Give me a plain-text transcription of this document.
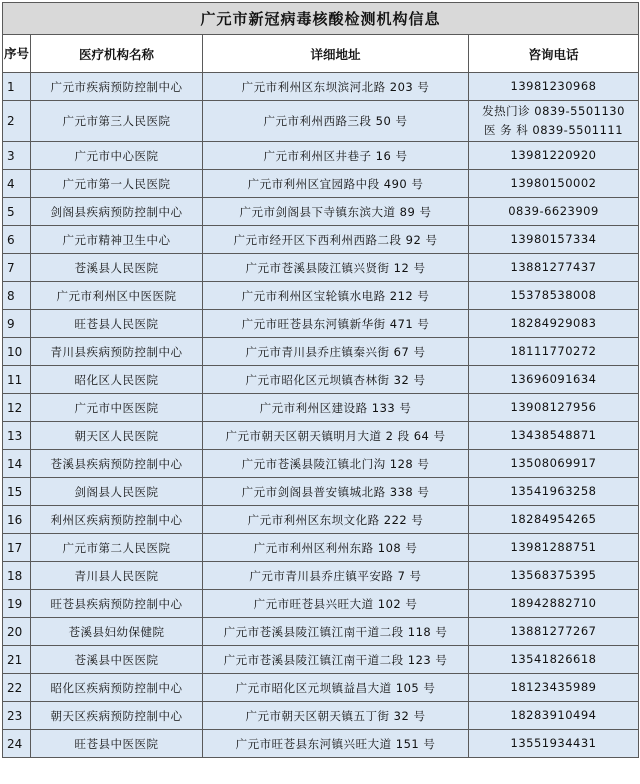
广元市新冠病毒核酸检测机构信息			
序号	医疗机构名称	详细地址	咨询电话
1	广元市疾病预防控制中心	广元市利州区东坝滨河北路 203 号	13981230968

2	广元市第三人民医院	广元市利州西路三段 50 号	发热门诊 0839-5501130
医 务 科 0839-5501111

3	广元市中心医院	广元市利州区井巷子 16 号	13981220920

4	广元市第一人民医院	广元市利州区宜园路中段 490 号	13980150002

5	剑阁县疾病预防控制中心	广元市剑阁县下寺镇东滨大道 89 号	0839-6623909

6	广元市精神卫生中心	广元市经开区下西利州西路二段 92 号	13980157334

7	苍溪县人民医院	广元市苍溪县陵江镇兴贤街 12 号	13881277437

8	广元市利州区中医医院	广元市利州区宝轮镇水电路 212 号	15378538008

9	旺苍县人民医院	广元市旺苍县东河镇新华街 471 号	18284929083

10	青川县疾病预防控制中心	广元市青川县乔庄镇秦兴街 67 号	18111770272

11	昭化区人民医院	广元市昭化区元坝镇杏林街 32 号	13696091634

12	广元市中医医院	广元市利州区建设路 133 号	13908127956

13	朝天区人民医院	广元市朝天区朝天镇明月大道 2 段 64 号	13438548871

14	苍溪县疾病预防控制中心	广元市苍溪县陵江镇北门沟 128 号	13508069917

15	剑阁县人民医院	广元市剑阁县普安镇城北路 338 号	13541963258

16	利州区疾病预防控制中心	广元市利州区东坝文化路 222 号	18284954265

17	广元市第二人民医院	广元市利州区利州东路 108 号	13981288751

18	青川县人民医院	广元市青川县乔庄镇平安路 7 号	13568375395

19	旺苍县疾病预防控制中心	广元市旺苍县兴旺大道 102 号	18942882710

20	苍溪县妇幼保健院	广元市苍溪县陵江镇江南干道二段 118 号	13881277267

21	苍溪县中医医院	广元市苍溪县陵江镇江南干道二段 123 号	13541826618

22	昭化区疾病预防控制中心	广元市昭化区元坝镇益昌大道 105 号	18123435989

23	朝天区疾病预防控制中心	广元市朝天区朝天镇五丁街 32 号	18283910494

24	旺苍县中医医院	广元市旺苍县东河镇兴旺大道 151 号	13551934431
